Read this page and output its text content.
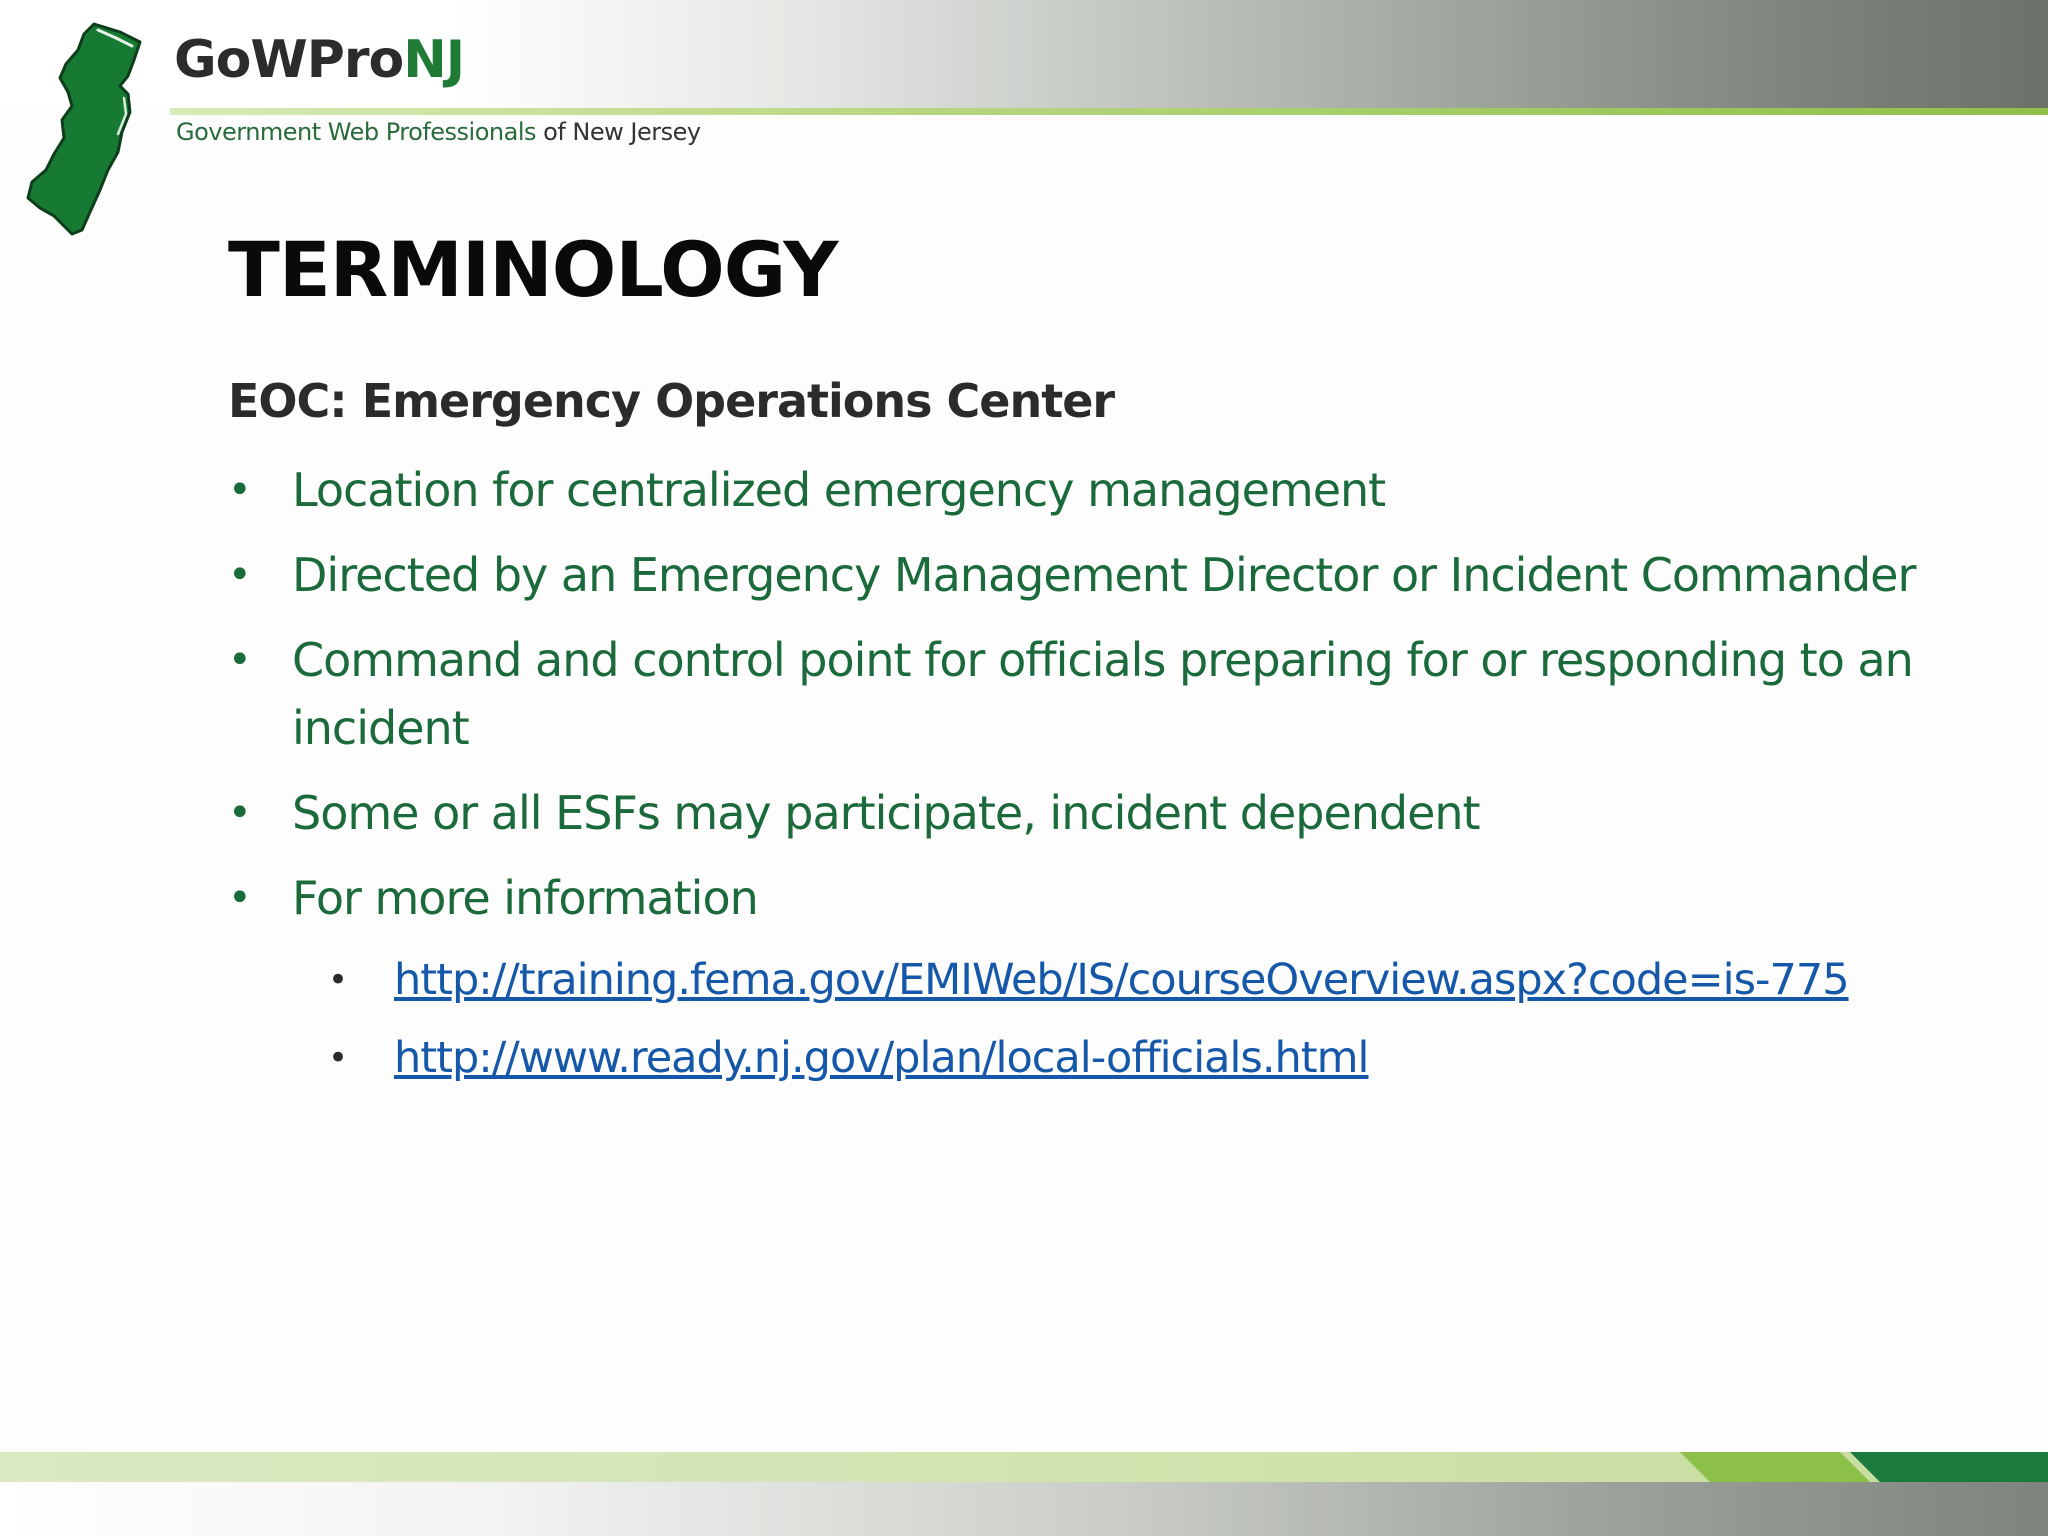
GoWProNJ
Government Web Professionals of New Jersey
TERMINOLOGY
EOC: Emergency Operations Center
• Location for centralized emergency management
• Directed by an Emergency Management Director or Incident Commander
• Command and control point for officials preparing for or responding to an incident
• Some or all ESFs may participate, incident dependent
• For more information
• http://training.fema.gov/EMIWeb/IS/courseOverview.aspx?code=is-775
• http://www.ready.nj.gov/plan/local-officials.html
